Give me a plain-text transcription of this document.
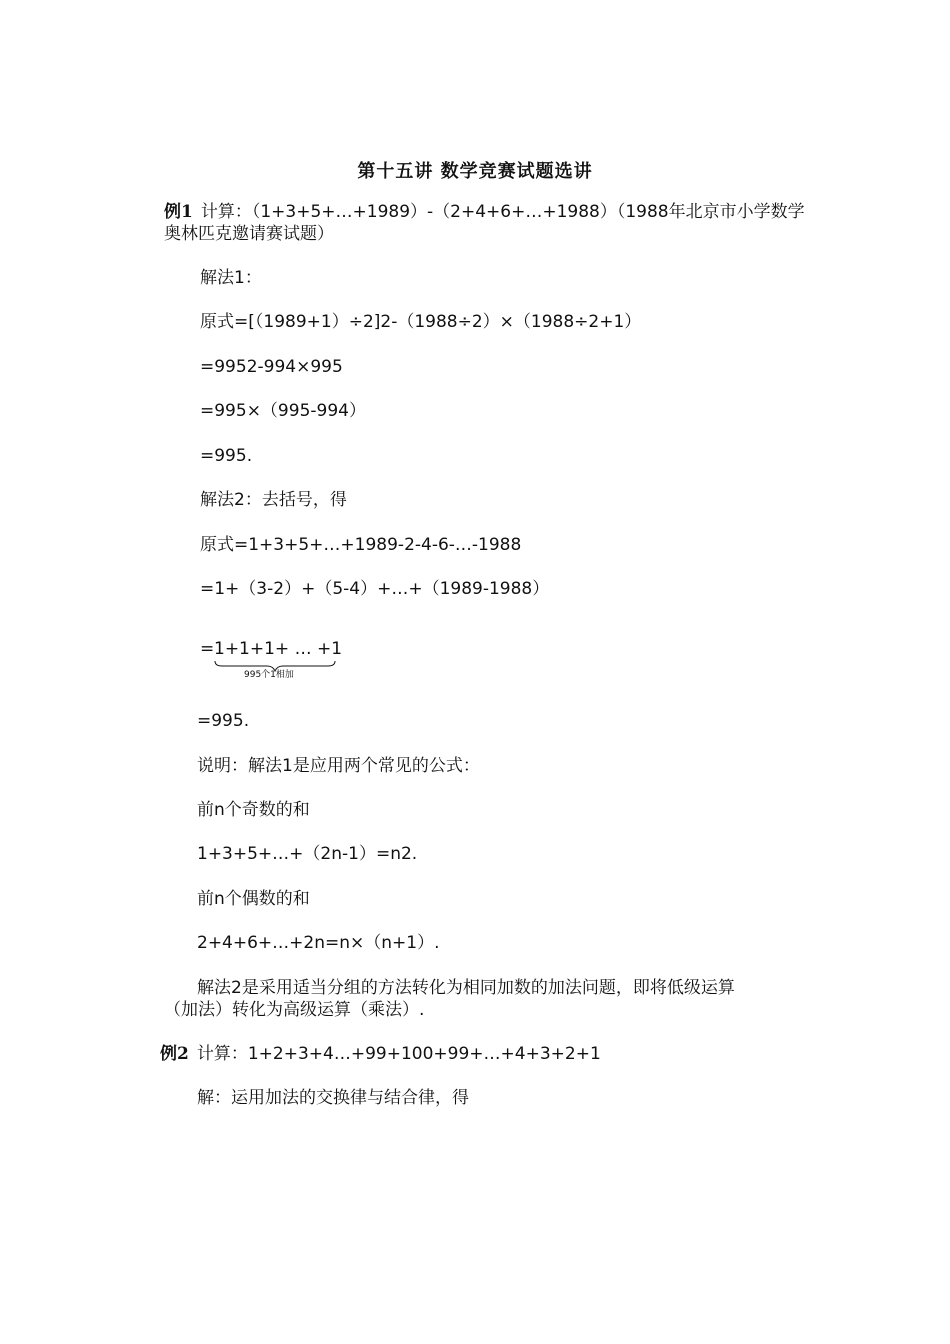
第十五讲 数学竞赛试题选讲
例1 计算：（1+3+5+…+1989）-（2+4+6+…+1988）（1988年北京市小学数学
奥林匹克邀请赛试题）
解法1：
原式=[（1989+1）÷2]2-（1988÷2）×（1988÷2+1）
=9952-994×995
=995×（995-994）
=995.
解法2：去括号，得
原式=1+3+5+…+1989-2-4-6-…-1988
=1+（3-2）+（5-4）+…+（1989-1988）
= 1+1+1+ … +1
995个1相加
=995.
说明：解法1是应用两个常见的公式：
前n个奇数的和
1+3+5+…+（2n-1）=n2.
前n个偶数的和
2+4+6+…+2n=n×（n+1）.
解法2是采用适当分组的方法转化为相同加数的加法问题，即将低级运算
（加法）转化为高级运算（乘法）.
例2 计算：1+2+3+4…+99+100+99+…+4+3+2+1
解：运用加法的交换律与结合律，得
